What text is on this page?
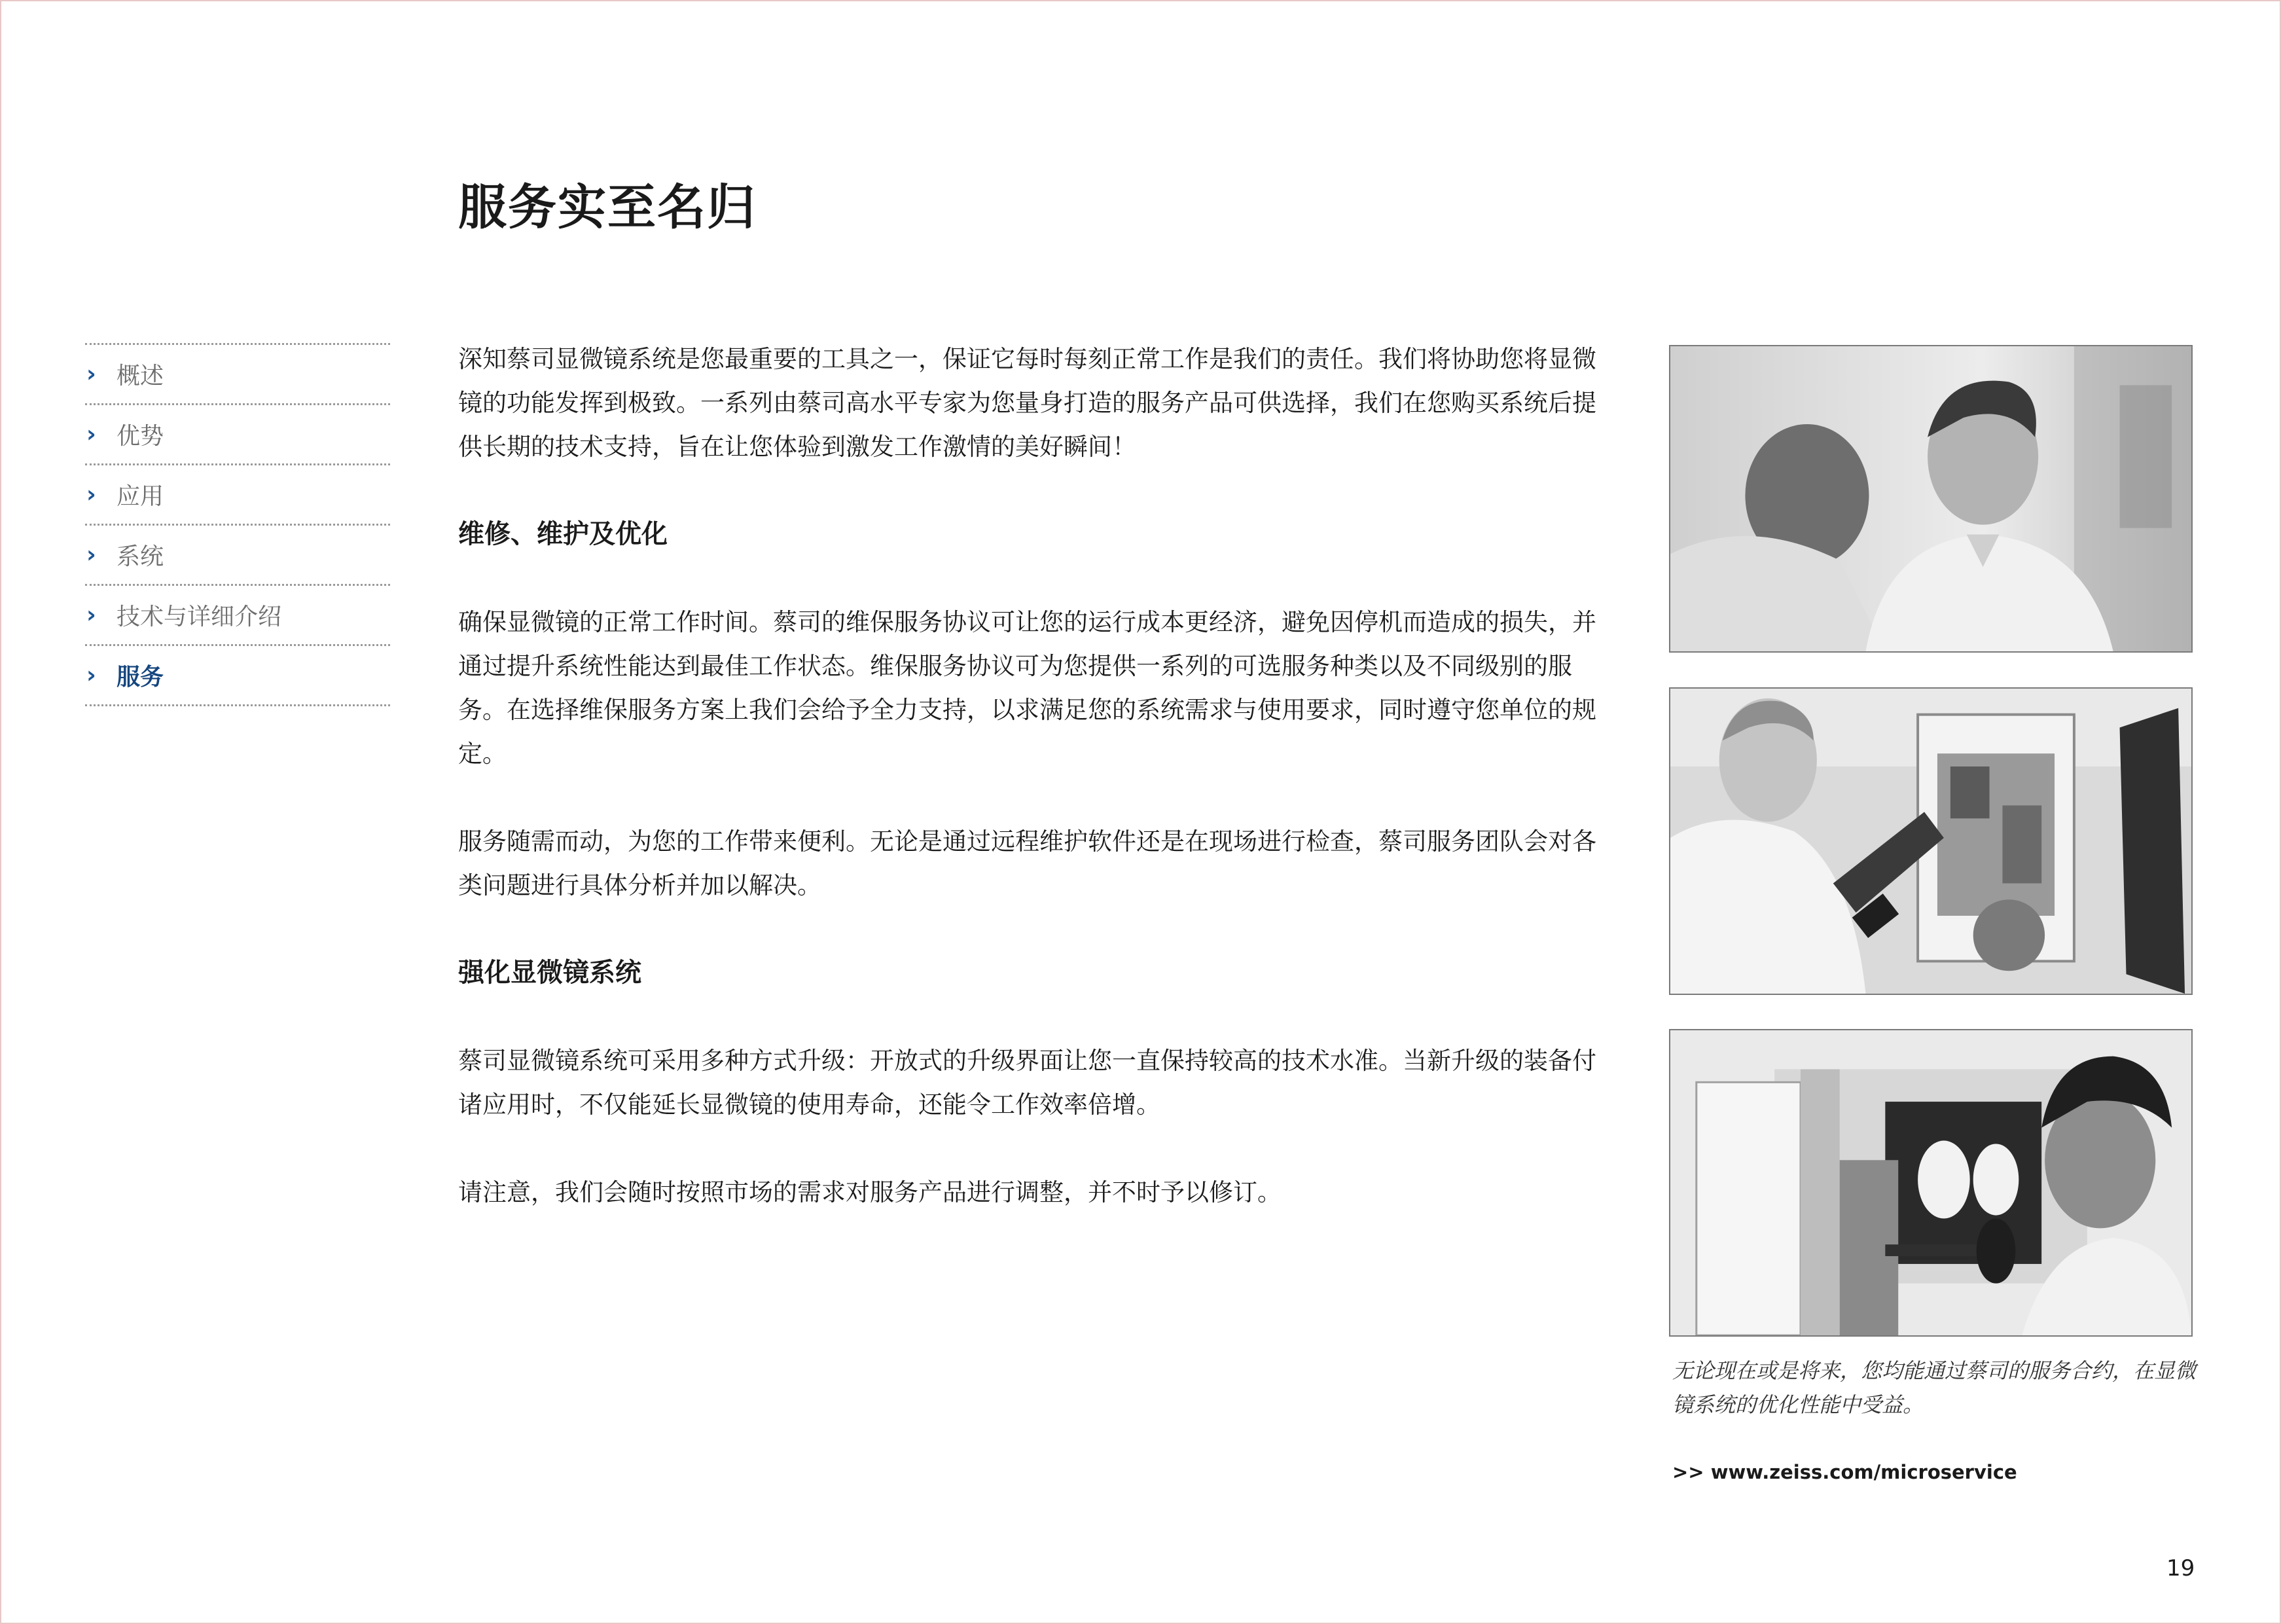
服务实至名归
› 概述
› 优势
› 应用
› 系统
› 技术与详细介绍
› 服务

深知蔡司显微镜系统是您最重要的工具之一，保证它每时每刻正常工作是我们的责任。我们将协助您将显微镜的功能发挥到极致。一系列由蔡司高水平专家为您量身打造的服务产品可供选择，我们在您购买系统后提供长期的技术支持，旨在让您体验到激发工作激情的美好瞬间！

维修、维护及优化

确保显微镜的正常工作时间。蔡司的维保服务协议可让您的运行成本更经济，避免因停机而造成的损失，并通过提升系统性能达到最佳工作状态。维保服务协议可为您提供一系列的可选服务种类以及不同级别的服务。在选择维保服务方案上我们会给予全力支持，以求满足您的系统需求与使用要求，同时遵守您单位的规定。

服务随需而动，为您的工作带来便利。无论是通过远程维护软件还是在现场进行检查，蔡司服务团队会对各类问题进行具体分析并加以解决。

强化显微镜系统

蔡司显微镜系统可采用多种方式升级：开放式的升级界面让您一直保持较高的技术水准。当新升级的装备付诸应用时，不仅能延长显微镜的使用寿命，还能令工作效率倍增。

请注意，我们会随时按照市场的需求对服务产品进行调整，并不时予以修订。

无论现在或是将来，您均能通过蔡司的服务合约，在显微镜系统的优化性能中受益。
>> www.zeiss.com/microservice
19
